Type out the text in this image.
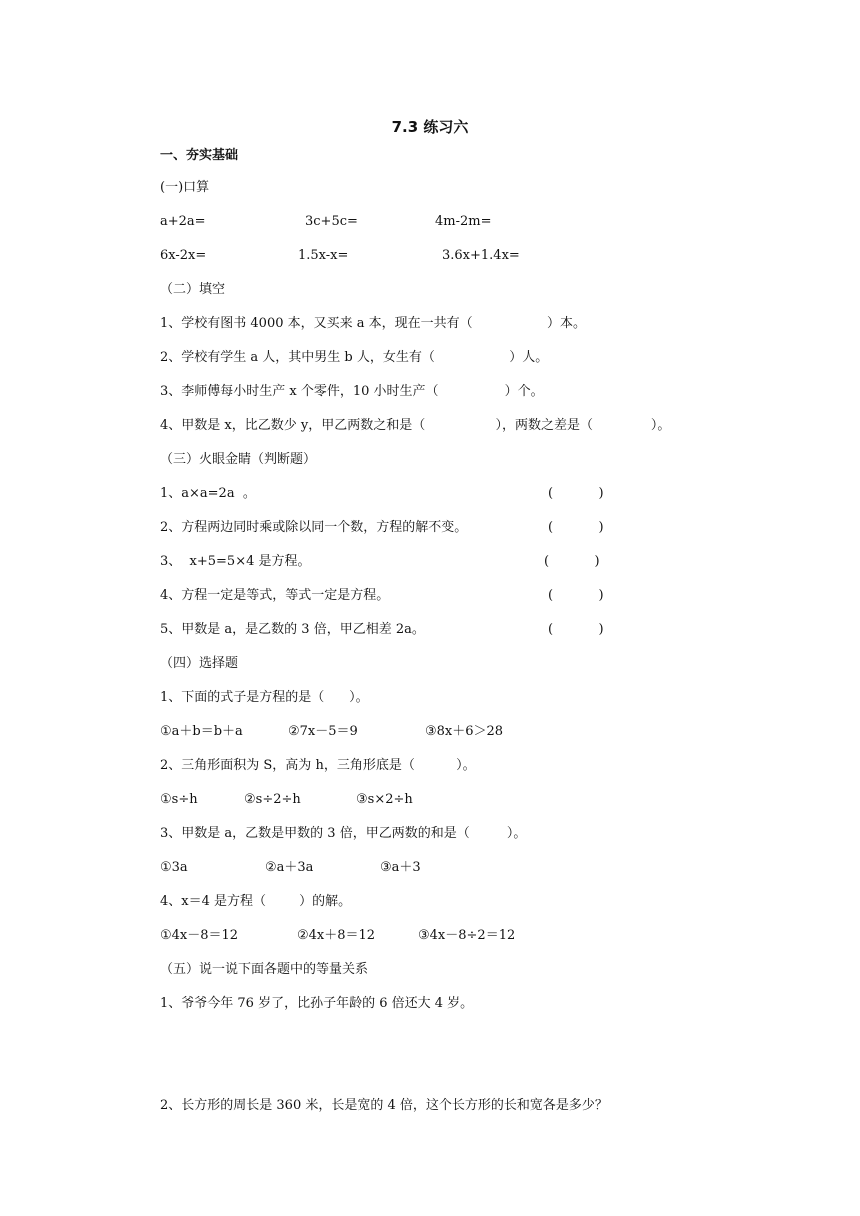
7.3 练习六
一、夯实基础
(一)口算
a+2a=	3c+5c=	4m-2m=
6x-2x=	1.5x-x=	3.6x+1.4x=
（二）填空
1、学校有图书 4000 本，又买来 a 本，现在一共有（                  ）本。
2、学校有学生 a 人，其中男生 b 人，女生有（                  ）人。
3、李师傅每小时生产 x 个零件，10 小时生产（                ）个。
4、甲数是 x，比乙数少 y，甲乙两数之和是（                 ），两数之差是（              ）。
（三）火眼金睛（判断题）
1、a×a=2a  。	(           )
2、方程两边同时乘或除以同一个数，方程的解不变。	(           )
3、  x+5=5×4 是方程。	(           )
4、方程一定是等式，等式一定是方程。	(           )
5、甲数是 a，是乙数的 3 倍，甲乙相差 2a。	(           )
（四）选择题
1、下面的式子是方程的是（      ）。
①a＋b＝b＋a	②7x－5＝9	③8x＋6＞28
2、三角形面积为 S，高为 h，三角形底是（          ）。
①s÷h	②s÷2÷h	③s×2÷h
3、甲数是 a，乙数是甲数的 3 倍，甲乙两数的和是（         ）。
①3a	②a＋3a	③a＋3
4、x＝4 是方程（        ）的解。
①4x－8＝12	②4x＋8＝12	③4x－8÷2＝12
（五）说一说下面各题中的等量关系
1、爷爷今年 76 岁了，比孙子年龄的 6 倍还大 4 岁。
2、长方形的周长是 360 米，长是宽的 4 倍，这个长方形的长和宽各是多少？
